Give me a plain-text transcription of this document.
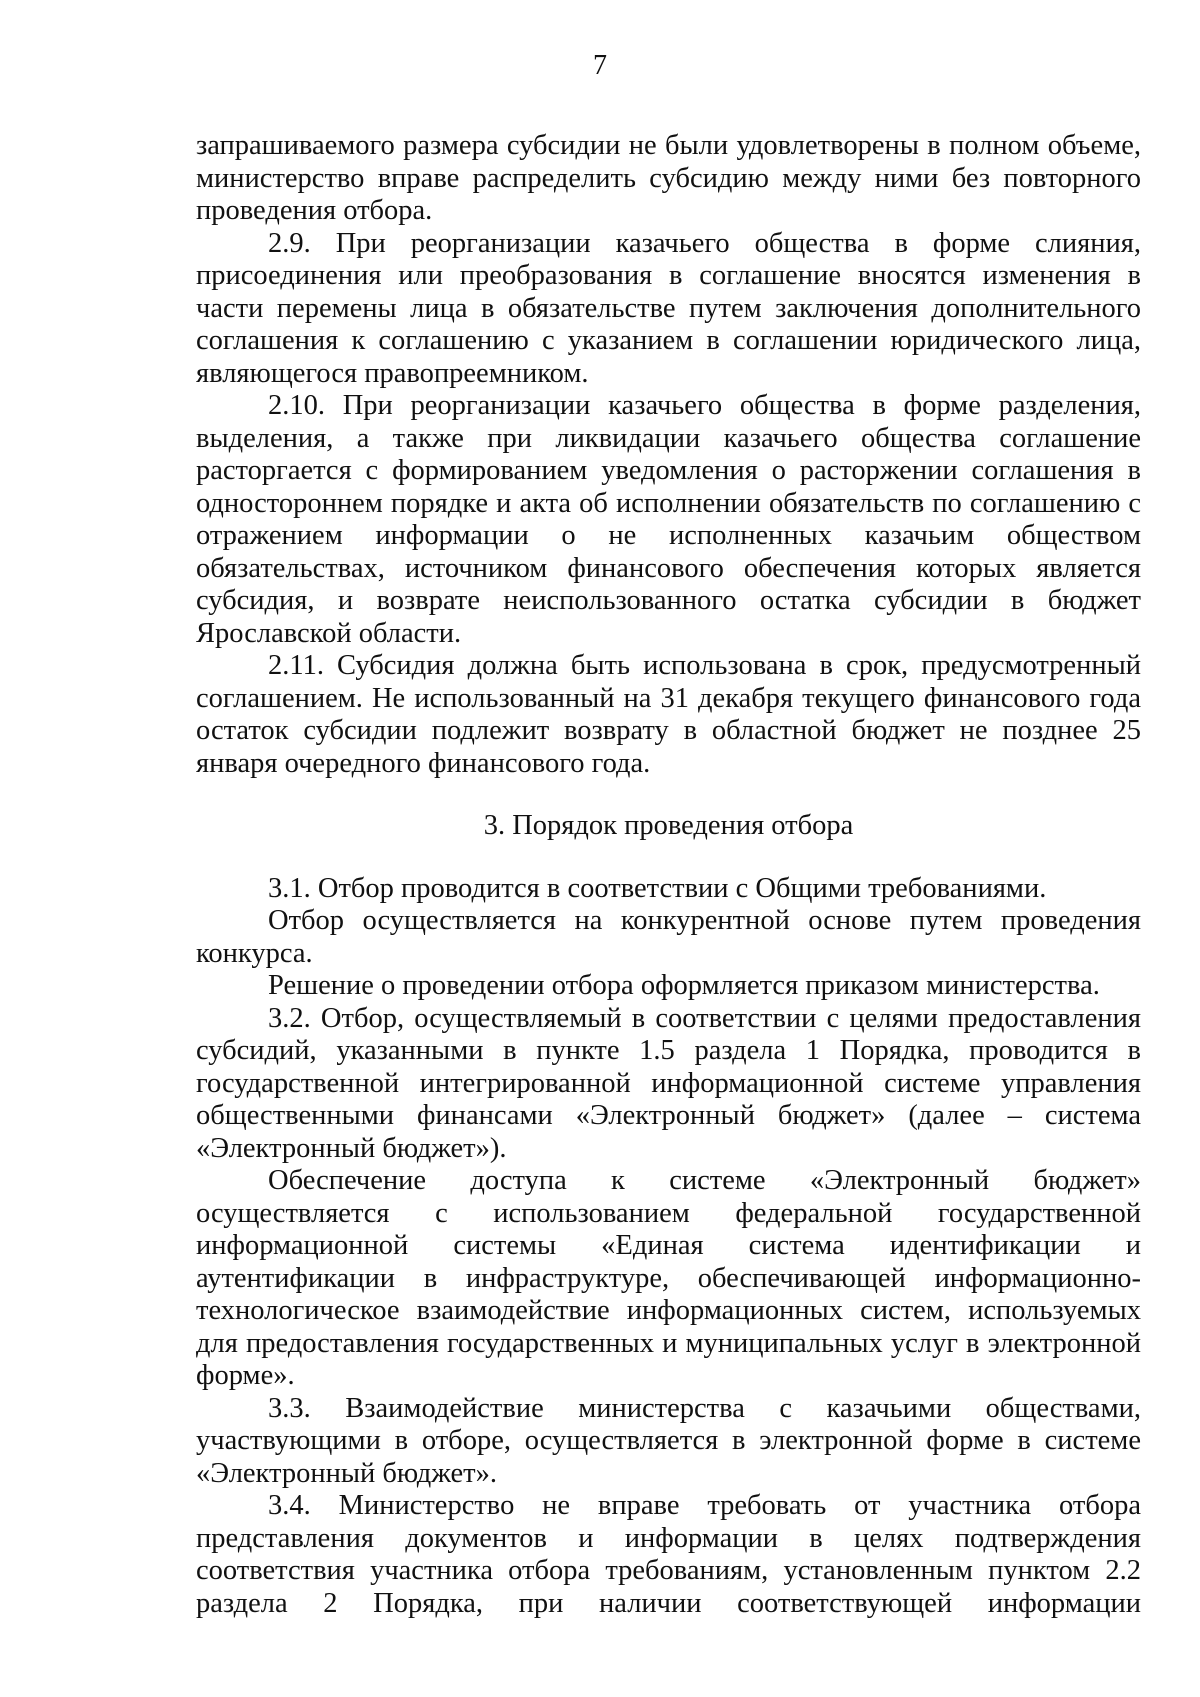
7

запрашиваемого размера субсидии не были удовлетворены в полном объеме, министерство вправе распределить субсидию между ними без повторного проведения отбора.

2.9. При реорганизации казачьего общества в форме слияния, присоединения или преобразования в соглашение вносятся изменения в части перемены лица в обязательстве путем заключения дополнительного соглашения к соглашению с указанием в соглашении юридического лица, являющегося правопреемником.

2.10. При реорганизации казачьего общества в форме разделения, выделения, а также при ликвидации казачьего общества соглашение расторгается с формированием уведомления о расторжении соглашения в одностороннем порядке и акта об исполнении обязательств по соглашению с отражением информации о не исполненных казачьим обществом обязательствах, источником финансового обеспечения которых является субсидия, и возврате неиспользованного остатка субсидии в бюджет Ярославской области.

2.11. Субсидия должна быть использована в срок, предусмотренный соглашением. Не использованный на 31 декабря текущего финансового года остаток субсидии подлежит возврату в областной бюджет не позднее 25 января очередного финансового года.

3. Порядок проведения отбора

3.1. Отбор проводится в соответствии с Общими требованиями.

Отбор осуществляется на конкурентной основе путем проведения конкурса.

Решение о проведении отбора оформляется приказом министерства.

3.2. Отбор, осуществляемый в соответствии с целями предоставления субсидий, указанными в пункте 1.5 раздела 1 Порядка, проводится в государственной интегрированной информационной системе управления общественными финансами «Электронный бюджет» (далее – система «Электронный бюджет»).

Обеспечение доступа к системе «Электронный бюджет» осуществляется с использованием федеральной государственной информационной системы «Единая система идентификации и аутентификации в инфраструктуре, обеспечивающей информационно-технологическое взаимодействие информационных систем, используемых для предоставления государственных и муниципальных услуг в электронной форме».

3.3. Взаимодействие министерства с казачьими обществами, участвующими в отборе, осуществляется в электронной форме в системе «Электронный бюджет».

3.4. Министерство не вправе требовать от участника отбора представления документов и информации в целях подтверждения соответствия участника отбора требованиям, установленным пунктом 2.2 раздела 2 Порядка, при наличии соответствующей информации
